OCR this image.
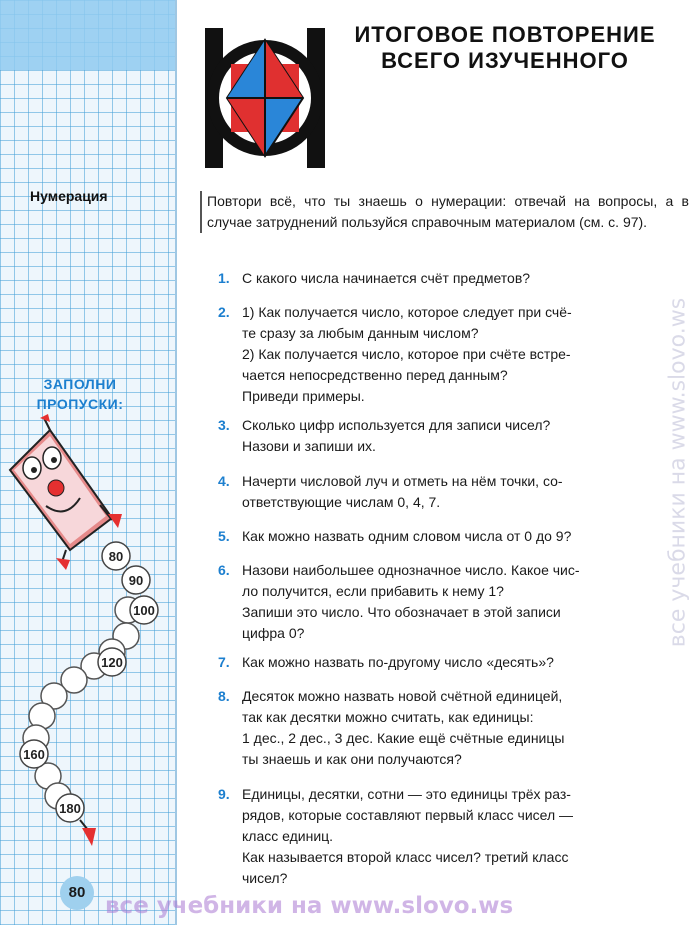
Нумерация
ЗАПОЛНИ
ПРОПУСКИ:
80
90
100
120
160
180
ИТОГОВОЕ ПОВТОРЕНИЕ
ВСЕГО ИЗУЧЕННОГО
Повтори всё, что ты знаешь о нумерации: отвечай на вопросы, а в случае затруднений пользуйся справочным материалом (см. с. 97).
1. С какого числа начинается счёт предметов?
2. 1) Как получается число, которое следует при счё-
те сразу за любым данным числом?
2) Как получается число, которое при счёте встре-
чается непосредственно перед данным?
Приведи примеры.
3. Сколько цифр используется для записи чисел?
Назови и запиши их.
4. Начерти числовой луч и отметь на нём точки, со-
ответствующие числам 0, 4, 7.
5. Как можно назвать одним словом числа от 0 до 9?
6. Назови наибольшее однозначное число. Какое чис-
ло получится, если прибавить к нему 1?
Запиши это число. Что обозначает в этой записи
цифра 0?
7. Как можно назвать по-другому число «десять»?
8. Десяток можно назвать новой счётной единицей,
так как десятки можно считать, как единицы:
1 дес., 2 дес., 3 дес. Какие ещё счётные единицы
ты знаешь и как они получаются?
9. Единицы, десятки, сотни — это единицы трёх раз-
рядов, которые составляют первый класс чисел —
класс единиц.
Как называется второй класс чисел? третий класс
чисел?
80
все учебники на www.slovo.ws
все учебники на www.slovo.ws
